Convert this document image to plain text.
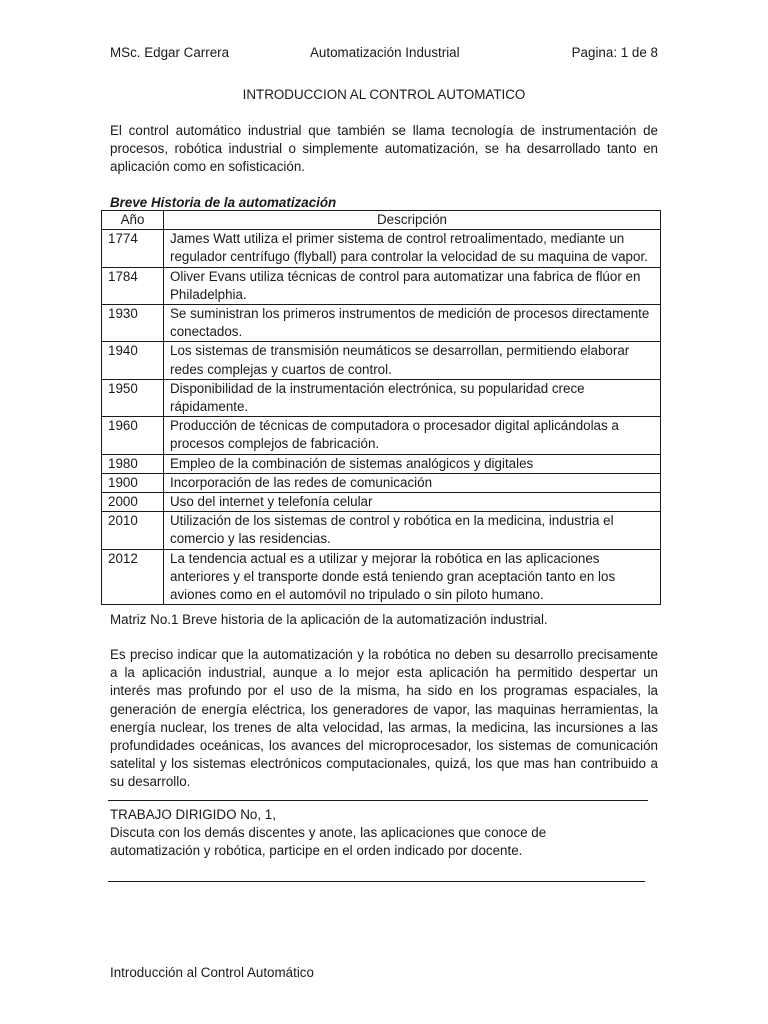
MSc. Edgar Carrera	Automatización Industrial	Pagina: 1 de 8
INTRODUCCION AL CONTROL AUTOMATICO

El control automático industrial que también se llama tecnología de instrumentación de procesos, robótica industrial o simplemente automatización, se ha desarrollado tanto en aplicación como en sofisticación.

Breve Historia de la automatización
Año	Descripción
1774	James Watt utiliza el primer sistema de control retroalimentado, mediante un regulador centrífugo (flyball) para controlar la velocidad de su maquina de vapor.
1784	Oliver Evans utiliza técnicas de control para automatizar una fabrica de flúor en Philadelphia.
1930	Se suministran los primeros instrumentos de medición de procesos directamente conectados.
1940	Los sistemas de transmisión neumáticos se desarrollan, permitiendo elaborar redes complejas y cuartos de control.
1950	Disponibilidad de la instrumentación electrónica, su popularidad crece rápidamente.
1960	Producción de técnicas de computadora o procesador digital aplicándolas a procesos complejos de fabricación.
1980	Empleo de la combinación de sistemas analógicos y digitales
1900	Incorporación de las redes de comunicación
2000	Uso del internet y telefonía celular
2010	Utilización de los sistemas de control y robótica en la medicina, industria el comercio y las residencias.
2012	La tendencia actual es a utilizar y mejorar la robótica en las aplicaciones anteriores y el transporte donde está teniendo gran aceptación tanto en los aviones como en el automóvil no tripulado o sin piloto humano.
Matriz No.1 Breve historia de la aplicación de la automatización industrial.

Es preciso indicar que la automatización y la robótica no deben su desarrollo precisamente a la aplicación industrial, aunque a lo mejor esta aplicación ha permitido despertar un interés mas profundo por el uso de la misma, ha sido en los programas espaciales, la generación de energía eléctrica, los generadores de vapor, las maquinas herramientas, la energía nuclear, los trenes de alta velocidad, las armas, la medicina, las incursiones a las profundidades oceánicas, los avances del microprocesador, los sistemas de comunicación satelital y los sistemas electrónicos computacionales, quizá, los que mas han contribuido a su desarrollo.

TRABAJO DIRIGIDO No, 1,
Discuta con los demás discentes y anote, las aplicaciones que conoce de
automatización y robótica, participe en el orden indicado por docente.
Introducción al Control Automático
